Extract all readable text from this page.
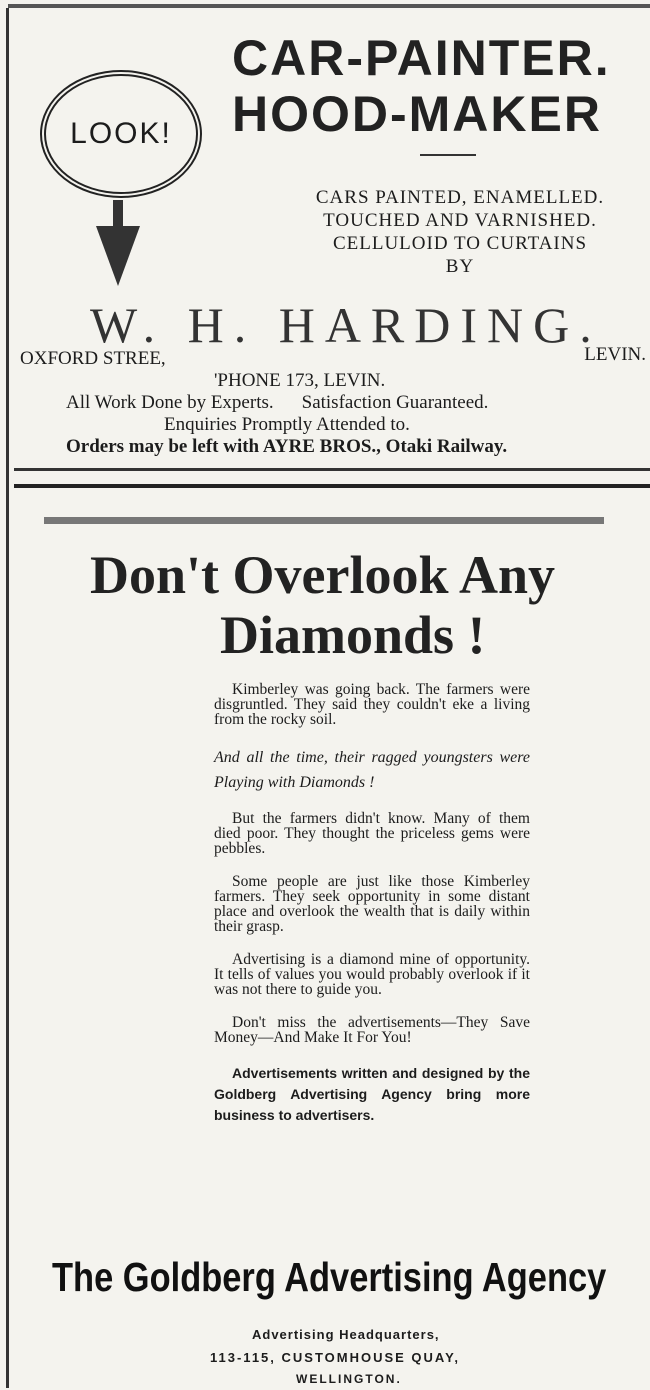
LOOK!
CAR-PAINTER.
HOOD-MAKER
CARS PAINTED, ENAMELLED.
TOUCHED AND VARNISHED.
CELLULOID TO CURTAINS
BY
W. H. HARDING.
OXFORD STREE,	LEVIN.
'PHONE 173, LEVIN.
All Work Done by Experts. Satisfaction Guaranteed.
Enquiries Promptly Attended to.
Orders may be left with AYRE BROS., Otaki Railway.
Don't Overlook Any
Diamonds !

Kimberley was going back. The farmers were disgruntled. They said they couldn't eke a living from the rocky soil.

And all the time, their ragged youngsters were Playing with Diamonds !

But the farmers didn't know. Many of them died poor. They thought the priceless gems were pebbles.

Some people are just like those Kimberley farmers. They seek opportunity in some distant place and overlook the wealth that is daily within their grasp.

Advertising is a diamond mine of opportunity. It tells of values you would probably overlook if it was not there to guide you.

Don't miss the advertisements—They Save Money—And Make It For You!

Advertisements written and designed by the Goldberg Advertising Agency bring more business to advertisers.

The Goldberg Advertising Agency
Advertising Headquarters,
113-115, CUSTOMHOUSE QUAY,
WELLINGTON.
